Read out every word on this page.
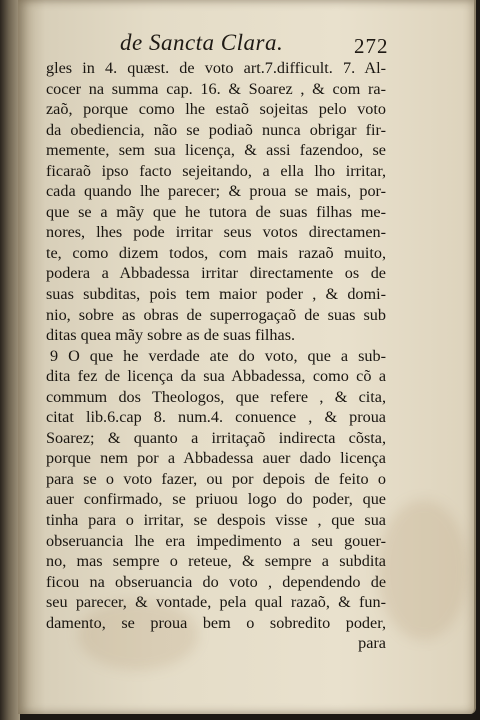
de Sancta Clara.	272
gles in 4. quæst. de voto art.7.difficult. 7. Al-
cocer na summa cap. 16. & Soarez , & com ra-
zaõ, porque como lhe estaõ sojeitas pelo voto
da obediencia, não se podiaõ nunca obrigar fir-
memente, sem sua licença, & assi fazendoo, se
ficaraõ ipso facto sejeitando, a ella lho irritar,
cada quando lhe parecer; & proua se mais, por-
que se a mãy que he tutora de suas filhas me-
nores, lhes pode irritar seus votos directamen-
te, como dizem todos, com mais razaõ muito,
podera a Abbadessa irritar directamente os de
suas subditas, pois tem maior poder , & domi-
nio, sobre as obras de superrogaçaõ de suas sub
ditas quea mãy sobre as de suas filhas.
9 O que he verdade ate do voto, que a sub-
dita fez de licença da sua Abbadessa, como cõ a
commum dos Theologos, que refere , & cita,
citat lib.6.cap 8. num.4. conuence , & proua
Soarez; & quanto a irritaçaõ indirecta cõsta,
porque nem por a Abbadessa auer dado licença
para se o voto fazer, ou por depois de feito o
auer confirmado, se priuou logo do poder, que
tinha para o irritar, se despois visse , que sua
obseruancia lhe era impedimento a seu gouer-
no, mas sempre o reteue, & sempre a subdita
ficou na obseruancia do voto , dependendo de
seu parecer, & vontade, pela qual razaõ, & fun-
damento, se proua bem o sobredito poder,
para
